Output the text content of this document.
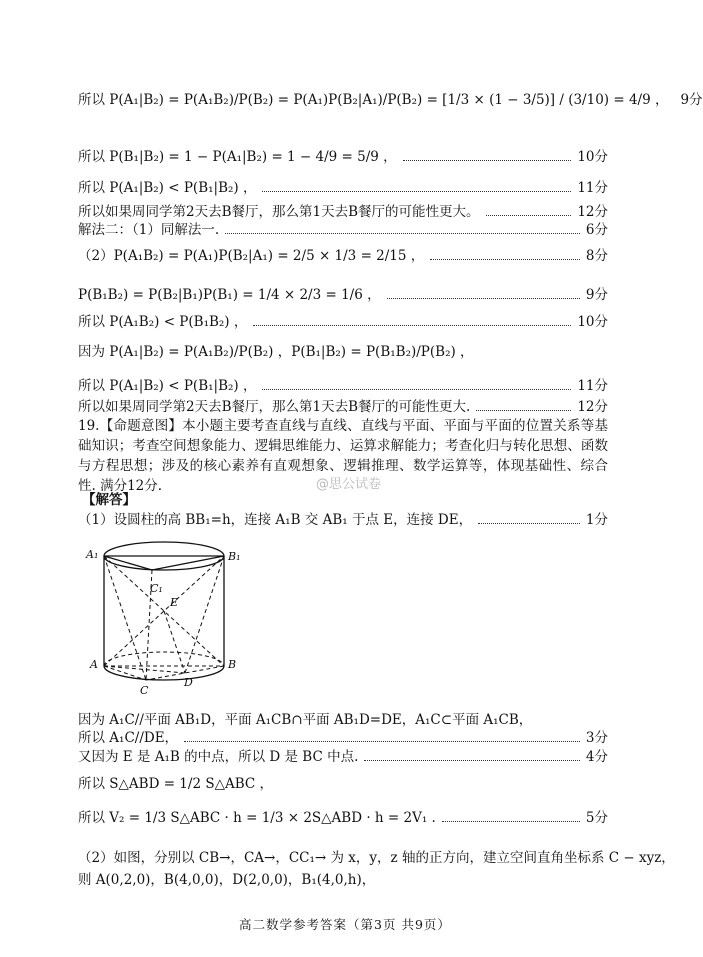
所以 P(A₁|B₂) = P(A₁B₂)/P(B₂) = P(A₁)P(B₂|A₁)/P(B₂) = [1/3 × (1 − 3/5)] / (3/10) = 4/9 ， 9分
所以 P(B₁|B₂) = 1 − P(A₁|B₂) = 1 − 4/9 = 5/9 ，	10分
所以 P(A₁|B₂) < P(B₁|B₂) ，	11分
所以如果周同学第2天去B餐厅，那么第1天去B餐厅的可能性更大。	12分
解法二：（1）同解法一.	6分
（2）P(A₁B₂) = P(A₁)P(B₂|A₁) = 2/5 × 1/3 = 2/15 ，	8分
P(B₁B₂) = P(B₂|B₁)P(B₁) = 1/4 × 2/3 = 1/6 ，	9分
所以 P(A₁B₂) < P(B₁B₂) ，	10分
因为 P(A₁|B₂) = P(A₁B₂)/P(B₂) ，P(B₁|B₂) = P(B₁B₂)/P(B₂) ，
所以 P(A₁|B₂) < P(B₁|B₂) ，	11分
所以如果周同学第2天去B餐厅，那么第1天去B餐厅的可能性更大.	12分
19.【命题意图】本小题主要考查直线与直线、直线与平面、平面与平面的位置关系等基础知识；考查空间想象能力、逻辑思维能力、运算求解能力；考查化归与转化思想、函数与方程思想；涉及的核心素养有直观想象、逻辑推理、数学运算等，体现基础性、综合性. 满分12分.
【解答】
（1）设圆柱的高 BB₁=h，连接 A₁B 交 AB₁ 于点 E，连接 DE，	1分
@思公试卷
A₁	B₁
C₁
E
A	B
C
D
因为 A₁C//平面 AB₁D，平面 A₁CB∩平面 AB₁D=DE，A₁C⊂平面 A₁CB，
所以 A₁C//DE，	3分
又因为 E 是 A₁B 的中点，所以 D 是 BC 中点.	4分
所以 S△ABD = 1/2 S△ABC ，
所以 V₂ = 1/3 S△ABC · h = 1/3 × 2S△ABD · h = 2V₁ .	5分
（2）如图，分别以 CB→，CA→，CC₁→ 为 x，y，z 轴的正方向，建立空间直角坐标系 C − xyz，
则 A(0,2,0)，B(4,0,0)，D(2,0,0)，B₁(4,0,h)，
高二数学参考答案（第3页 共9页）
